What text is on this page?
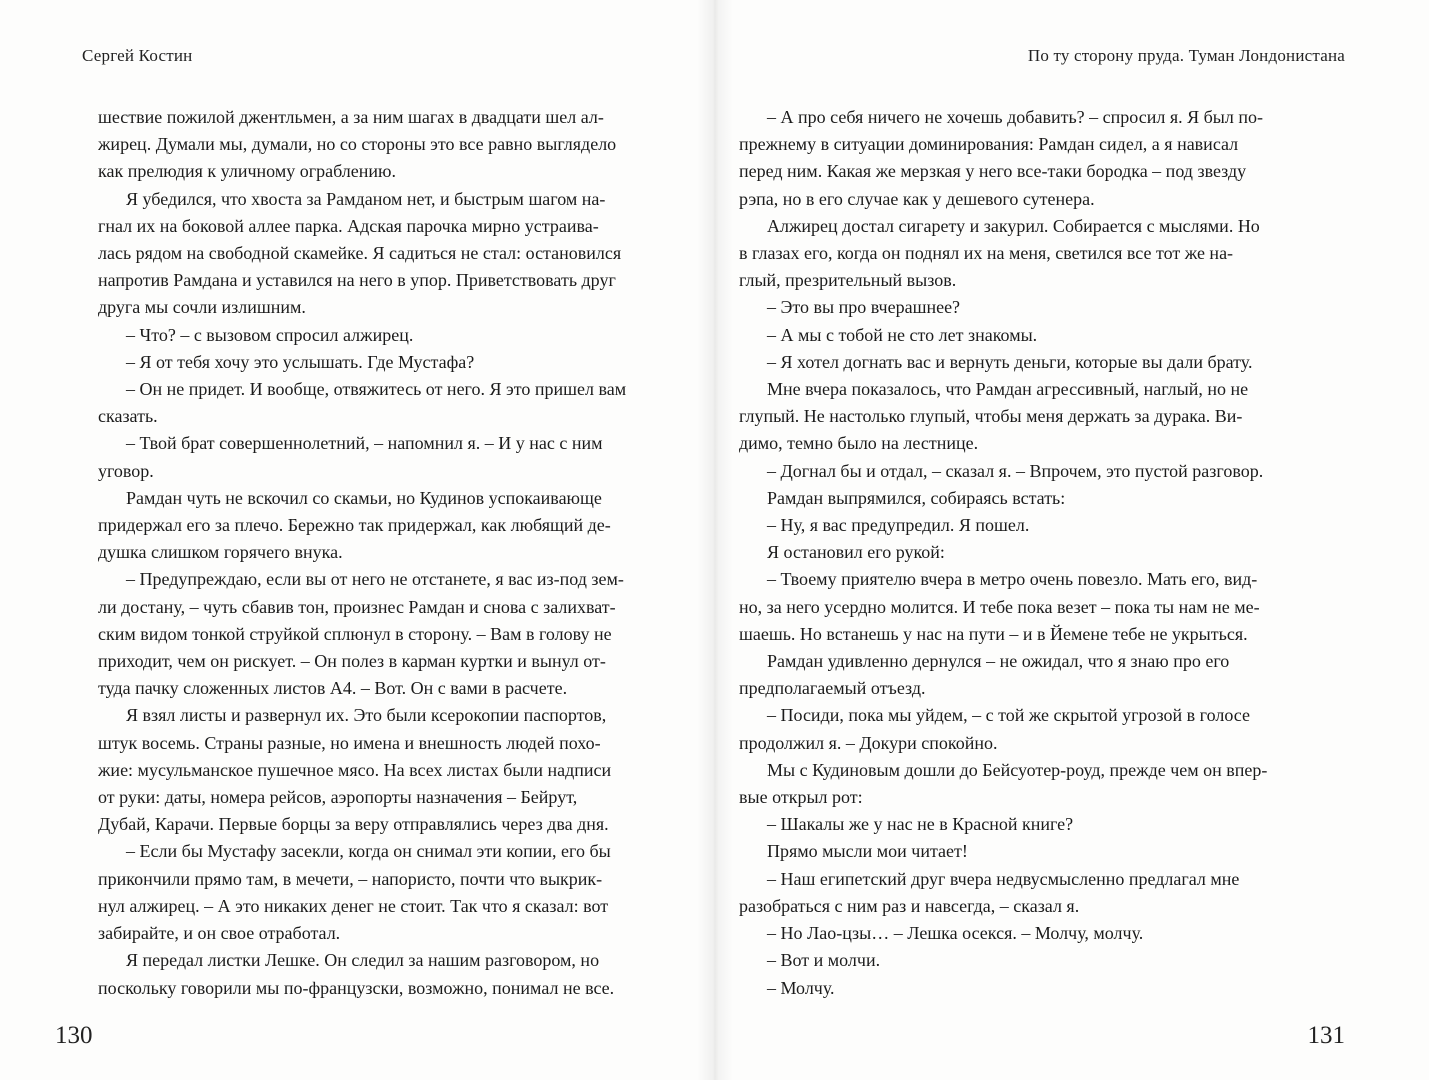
Сергей Костин

шествие пожилой джентльмен, а за ним шагах в двадцати шел ал-

жирец. Думали мы, думали, но со стороны это все равно выглядело

как прелюдия к уличному ограблению.

Я убедился, что хвоста за Рамданом нет, и быстрым шагом на-

гнал их на боковой аллее парка. Адская парочка мирно устраива-

лась рядом на свободной скамейке. Я садиться не стал: остановился

напротив Рамдана и уставился на него в упор. Приветствовать друг

друга мы сочли излишним.

– Что? – с вызовом спросил алжирец.

– Я от тебя хочу это услышать. Где Мустафа?

– Он не придет. И вообще, отвяжитесь от него. Я это пришел вам

сказать.

– Твой брат совершеннолетний, – напомнил я. – И у нас с ним

уговор.

Рамдан чуть не вскочил со скамьи, но Кудинов успокаивающе

придержал его за плечо. Бережно так придержал, как любящий де-

душка слишком горячего внука.

– Предупреждаю, если вы от него не отстанете, я вас из-под зем-

ли достану, – чуть сбавив тон, произнес Рамдан и снова с залихват-

ским видом тонкой струйкой сплюнул в сторону. – Вам в голову не

приходит, чем он рискует. – Он полез в карман куртки и вынул от-

туда пачку сложенных листов А4. – Вот. Он с вами в расчете.

Я взял листы и развернул их. Это были ксерокопии паспортов,

штук восемь. Страны разные, но имена и внешность людей похо-

жие: мусульманское пушечное мясо. На всех листах были надписи

от руки: даты, номера рейсов, аэропорты назначения – Бейрут,

Дубай, Карачи. Первые борцы за веру отправлялись через два дня.

– Если бы Мустафу засекли, когда он снимал эти копии, его бы

прикончили прямо там, в мечети, – напористо, почти что выкрик-

нул алжирец. – А это никаких денег не стоит. Так что я сказал: вот

забирайте, и он свое отработал.

Я передал листки Лешке. Он следил за нашим разговором, но

поскольку говорили мы по-французски, возможно, понимал не все.

130
По ту сторону пруда. Туман Лондонистана

– А про себя ничего не хочешь добавить? – спросил я. Я был по-

прежнему в ситуации доминирования: Рамдан сидел, а я нависал

перед ним. Какая же мерзкая у него все-таки бородка – под звезду

рэпа, но в его случае как у дешевого сутенера.

Алжирец достал сигарету и закурил. Собирается с мыслями. Но

в глазах его, когда он поднял их на меня, светился все тот же на-

глый, презрительный вызов.

– Это вы про вчерашнее?

– А мы с тобой не сто лет знакомы.

– Я хотел догнать вас и вернуть деньги, которые вы дали брату.

Мне вчера показалось, что Рамдан агрессивный, наглый, но не

глупый. Не настолько глупый, чтобы меня держать за дурака. Ви-

димо, темно было на лестнице.

– Догнал бы и отдал, – сказал я. – Впрочем, это пустой разговор.

Рамдан выпрямился, собираясь встать:

– Ну, я вас предупредил. Я пошел.

Я остановил его рукой:

– Твоему приятелю вчера в метро очень повезло. Мать его, вид-

но, за него усердно молится. И тебе пока везет – пока ты нам не ме-

шаешь. Но встанешь у нас на пути – и в Йемене тебе не укрыться.

Рамдан удивленно дернулся – не ожидал, что я знаю про его

предполагаемый отъезд.

– Посиди, пока мы уйдем, – с той же скрытой угрозой в голосе

продолжил я. – Докури спокойно.

Мы с Кудиновым дошли до Бейсуотер-роуд, прежде чем он впер-

вые открыл рот:

– Шакалы же у нас не в Красной книге?

Прямо мысли мои читает!

– Наш египетский друг вчера недвусмысленно предлагал мне

разобраться с ним раз и навсегда, – сказал я.

– Но Лао-цзы… – Лешка осекся. – Молчу, молчу.

– Вот и молчи.

– Молчу.

131
